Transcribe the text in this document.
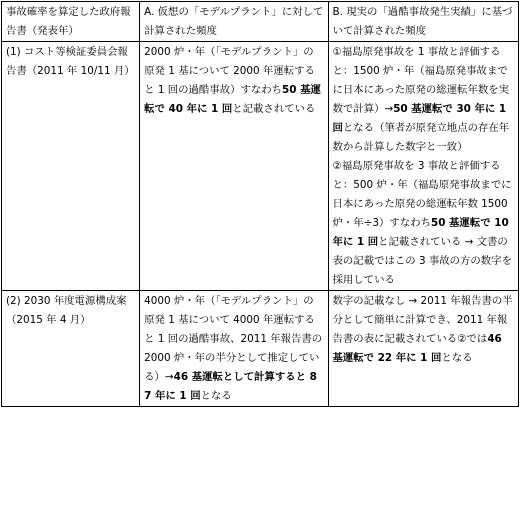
事故確率を算定した政府報告書（発表年）	A. 仮想の「モデルプラント」に対して計算された頻度	B. 現実の「過酷事故発生実績」に基づいて計算された頻度
(1) コスト等検証委員会報告書（2011 年 10/11 月）	2000 炉・年（「モデルプラント」の原発 1 基について 2000 年運転すると 1 回の過酷事故）すなわち50 基運転で 40 年に 1 回と記載されている	①福島原発事故を 1 事故と評価すると：1500 炉・年（福島原発事故までに日本にあった原発の総運転年数を実数で計算）→50 基運転で 30 年に 1 回となる（筆者が原発立地点の存在年数から計算した数字と一致）
②福島原発事故を 3 事故と評価すると：500 炉・年（福島原発事故までに日本にあった原発の総運転年数 1500 炉・年÷3）すなわち50 基運転で 10 年に 1 回と記載されている → 文書の表の記載ではこの 3 事故の方の数字を採用している

(2) 2030 年度電源構成案（2015 年 4 月）	4000 炉・年（「モデルプラント」の原発 1 基について 4000 年運転すると 1 回の過酷事故、2011 年報告書の 2000 炉・年の半分として推定している）→46 基運転として計算すると 87 年に 1 回となる	数字の記載なし → 2011 年報告書の半分として簡単に計算でき、2011 年報告書の表に記載されている②では46 基運転で 22 年に 1 回となる
